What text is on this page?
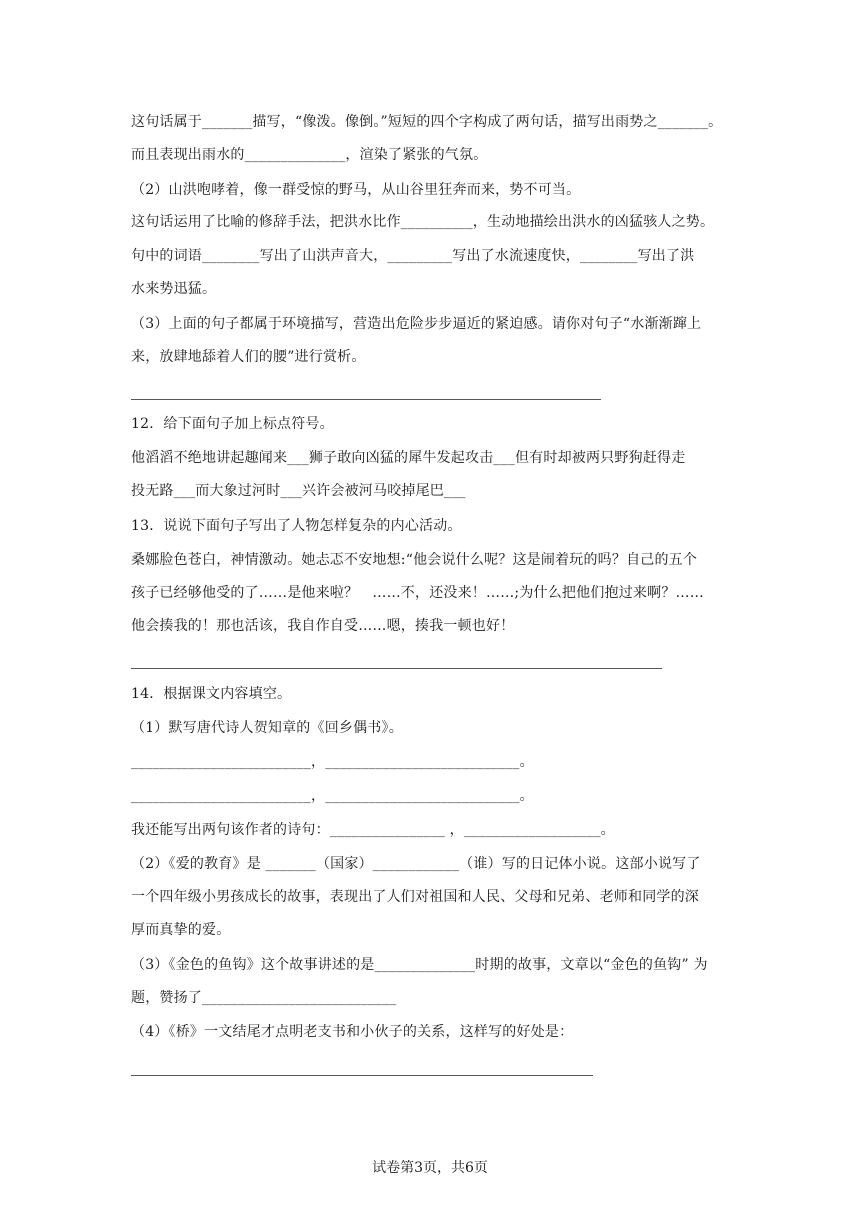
这句话属于_______描写，“像泼。像倒。”短短的四个字构成了两句话，描写出雨势之_______。
而且表现出雨水的______________，渲染了紧张的气氛。
（2）山洪咆哮着，像一群受惊的野马，从山谷里狂奔而来，势不可当。
这句话运用了比喻的修辞手法，把洪水比作__________，生动地描绘出洪水的凶猛骇人之势。
句中的词语________写出了山洪声音大，_________写出了水流速度快，________写出了洪
水来势迅猛。
（3）上面的句子都属于环境描写，营造出危险步步逼近的紧迫感。请你对句子“水渐渐蹿上
来，放肆地舔着人们的腰”进行赏析。
12．给下面句子加上标点符号。
他滔滔不绝地讲起趣闻来___狮子敢向凶猛的犀牛发起攻击___但有时却被两只野狗赶得走
投无路___而大象过河时___兴许会被河马咬掉尾巴___
13．说说下面句子写出了人物怎样复杂的内心活动。
桑娜脸色苍白，神情激动。她忐忑不安地想:“他会说什么呢？这是闹着玩的吗？自己的五个
孩子已经够他受的了……是他来啦？　……不，还没来！……;为什么把他们抱过来啊？……
他会揍我的！那也活该，我自作自受……嗯，揍我一顿也好！
14．根据课文内容填空。
（1）默写唐代诗人贺知章的《回乡偶书》。
_________________________，___________________________。
_________________________，___________________________。
我还能写出两句该作者的诗句：________________ ，___________________。
（2）《爱的教育》是 _______（国家）____________（谁）写的日记体小说。这部小说写了
一个四年级小男孩成长的故事，表现出了人们对祖国和人民、父母和兄弟、老师和同学的深
厚而真挚的爱。
（3）《金色的鱼钩》这个故事讲述的是______________时期的故事，文章以“金色的鱼钩” 为
题，赞扬了___________________________
（4）《桥》一文结尾才点明老支书和小伙子的关系，这样写的好处是：
试卷第3页，共6页
